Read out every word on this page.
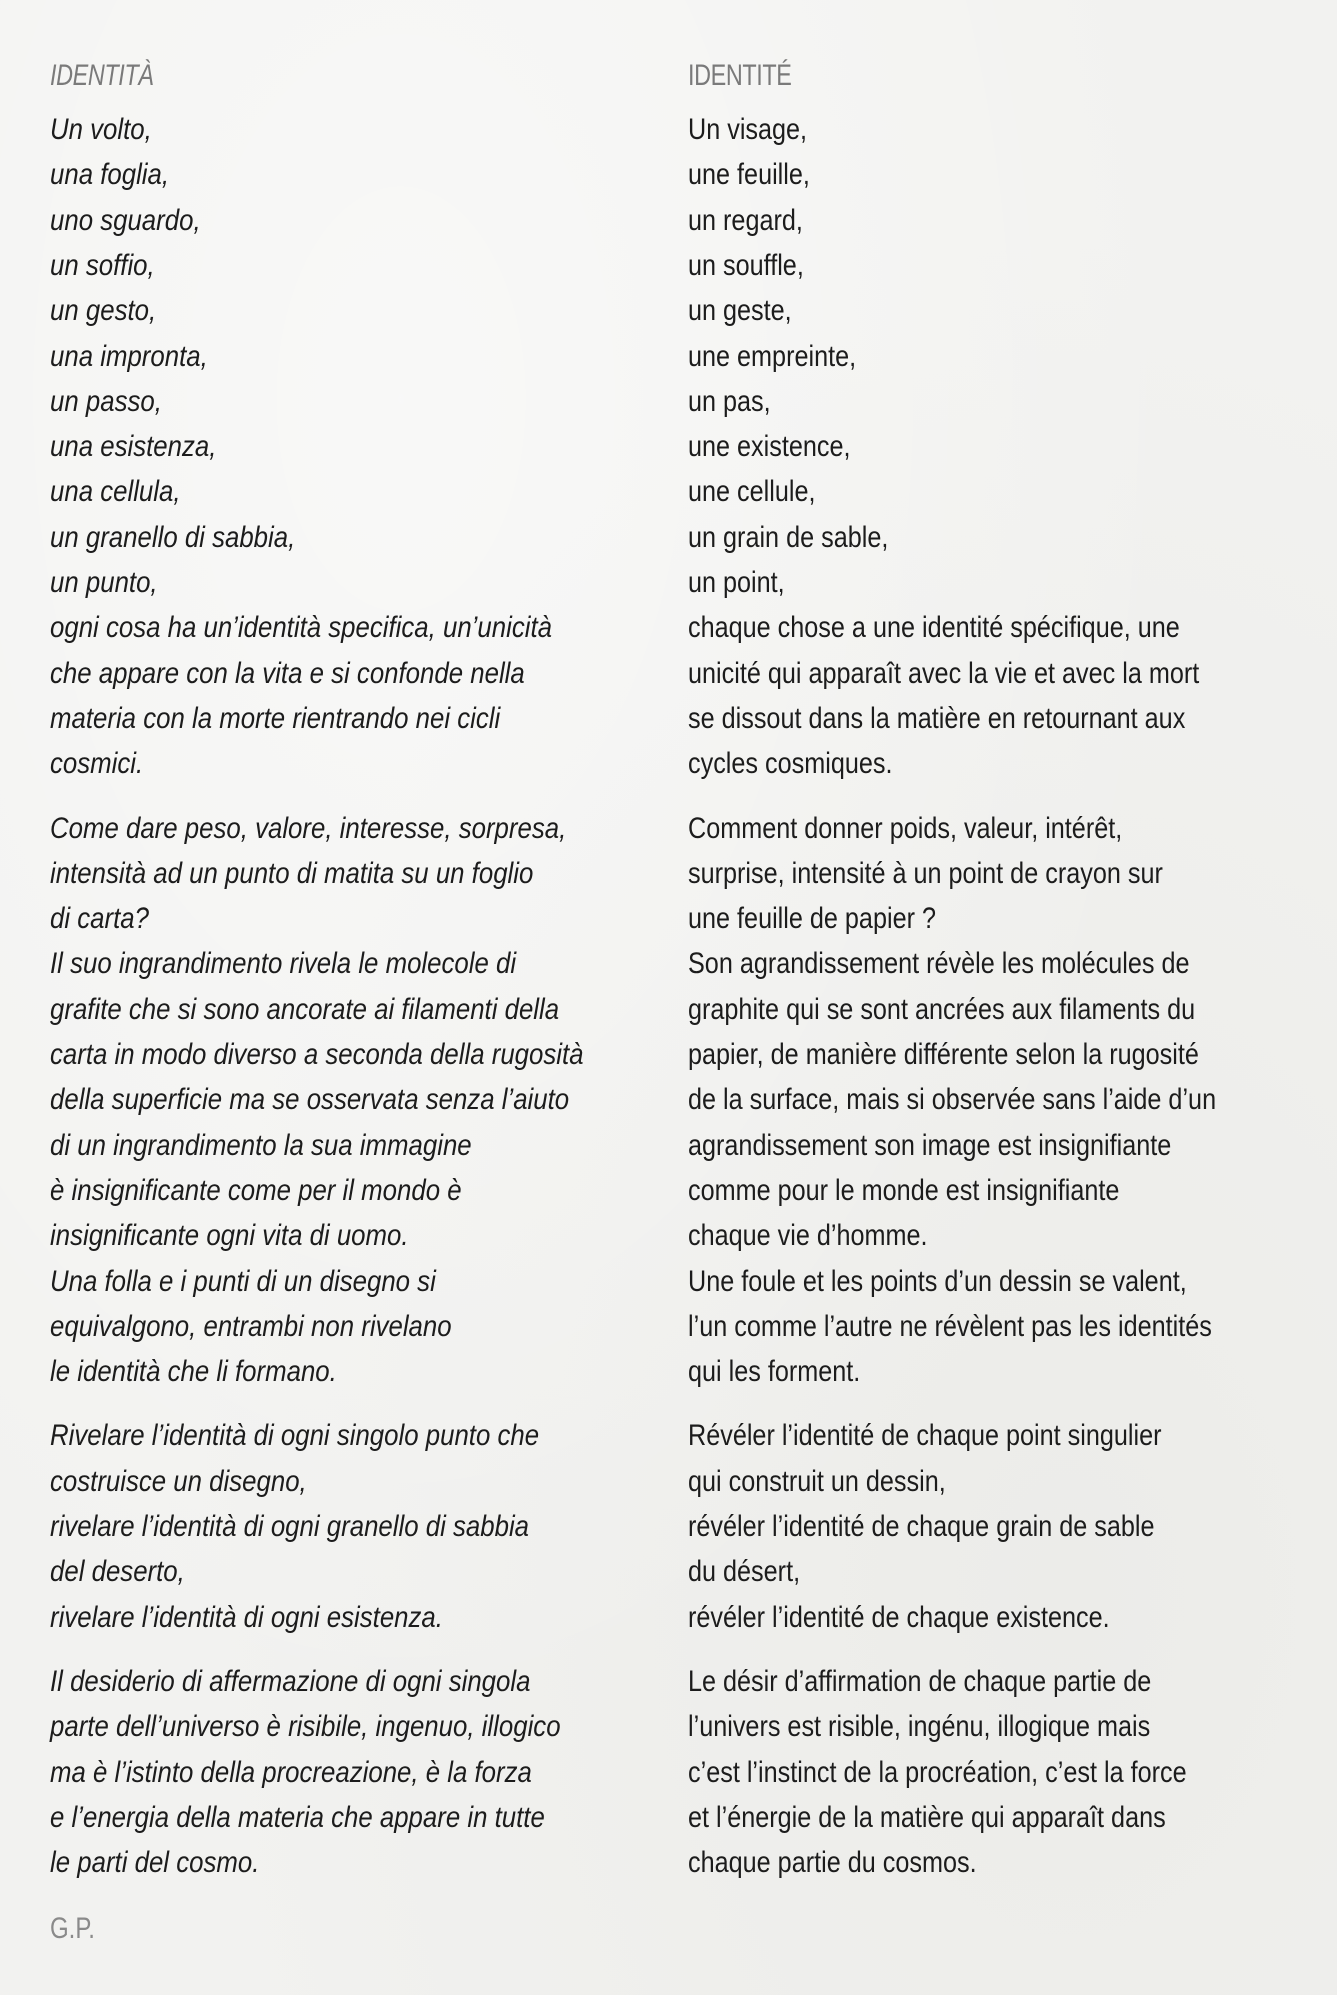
IDENTITÀ
Un volto,
una foglia,
uno sguardo,
un soffio,
un gesto,
una impronta,
un passo,
una esistenza,
una cellula,
un granello di sabbia,
un punto,
ogni cosa ha un’identità specifica, un’unicità
che appare con la vita e si confonde nella
materia con la morte rientrando nei cicli
cosmici.
Come dare peso, valore, interesse, sorpresa,
intensità ad un punto di matita su un foglio
di carta?
Il suo ingrandimento rivela le molecole di
grafite che si sono ancorate ai filamenti della
carta in modo diverso a seconda della rugosità
della superficie ma se osservata senza l’aiuto
di un ingrandimento la sua immagine
è insignificante come per il mondo è
insignificante ogni vita di uomo.
Una folla e i punti di un disegno si
equivalgono, entrambi non rivelano
le identità che li formano.
Rivelare l’identità di ogni singolo punto che
costruisce un disegno,
rivelare l’identità di ogni granello di sabbia
del deserto,
rivelare l’identità di ogni esistenza.
Il desiderio di affermazione di ogni singola
parte dell’universo è risibile, ingenuo, illogico
ma è l’istinto della procreazione, è la forza
e l’energia della materia che appare in tutte
le parti del cosmo.
IDENTITÉ
Un visage,
une feuille,
un regard,
un souffle,
un geste,
une empreinte,
un pas,
une existence,
une cellule,
un grain de sable,
un point,
chaque chose a une identité spécifique, une
unicité qui apparaît avec la vie et avec la mort
se dissout dans la matière en retournant aux
cycles cosmiques.
Comment donner poids, valeur, intérêt,
surprise, intensité à un point de crayon sur
une feuille de papier ?
Son agrandissement révèle les molécules de
graphite qui se sont ancrées aux filaments du
papier, de manière différente selon la rugosité
de la surface, mais si observée sans l’aide d’un
agrandissement son image est insignifiante
comme pour le monde est insignifiante
chaque vie d’homme.
Une foule et les points d’un dessin se valent,
l’un comme l’autre ne révèlent pas les identités
qui les forment.
Révéler l’identité de chaque point singulier
qui construit un dessin,
révéler l’identité de chaque grain de sable
du désert,
révéler l’identité de chaque existence.
Le désir d’affirmation de chaque partie de
l’univers est risible, ingénu, illogique mais
c’est l’instinct de la procréation, c’est la force
et l’énergie de la matière qui apparaît dans
chaque partie du cosmos.
G.P.
